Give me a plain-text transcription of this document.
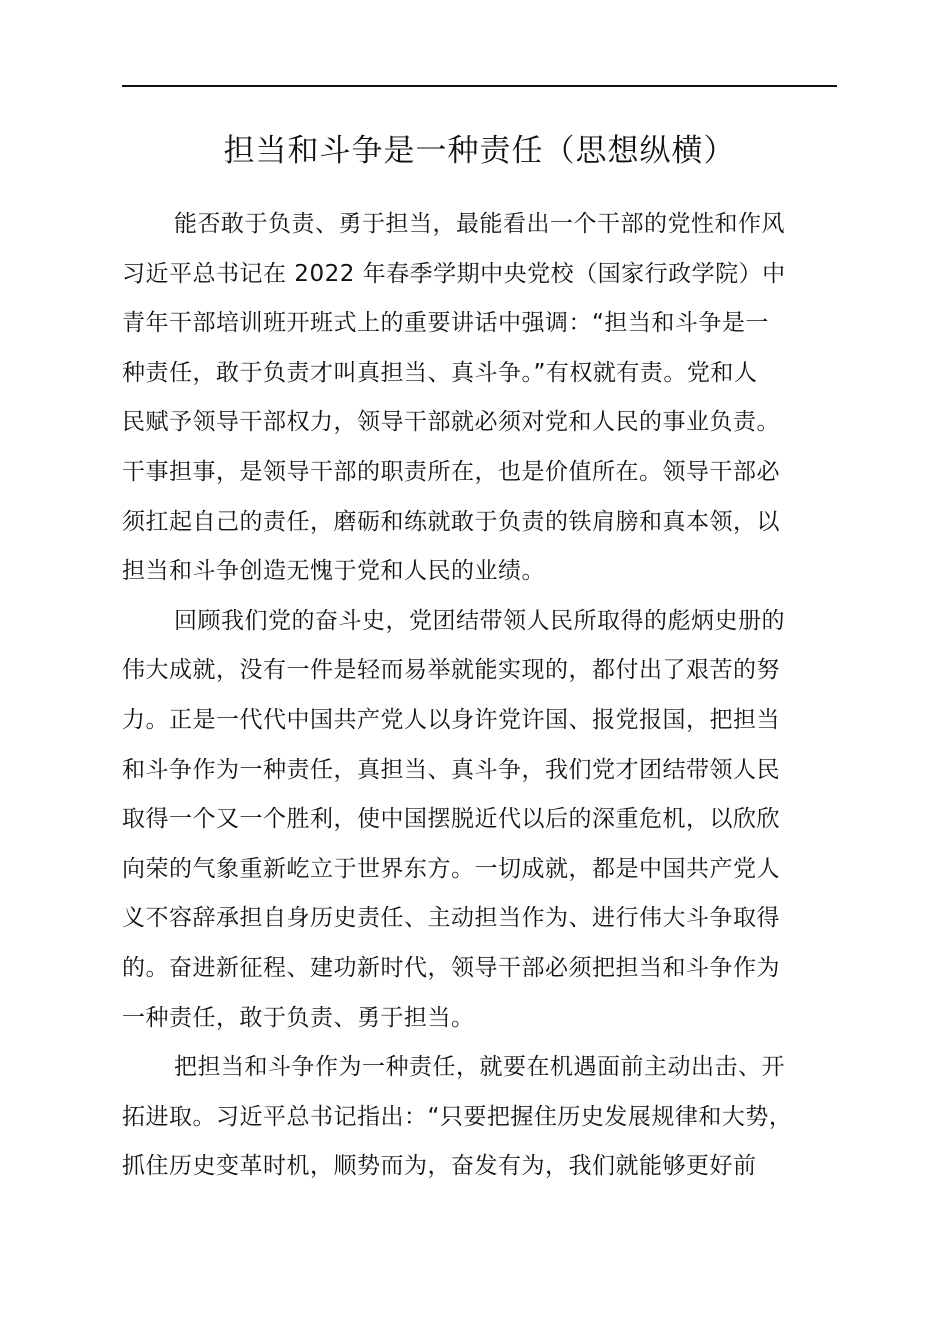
担当和斗争是一种责任（思想纵横）

能否敢于负责、勇于担当，最能看出一个干部的党性和作风
习近平总书记在 2022 年春季学期中央党校（国家行政学院）中
青年干部培训班开班式上的重要讲话中强调：“担当和斗争是一
种责任，敢于负责才叫真担当、真斗争。”有权就有责。党和人
民赋予领导干部权力，领导干部就必须对党和人民的事业负责。
干事担事，是领导干部的职责所在，也是价值所在。领导干部必
须扛起自己的责任，磨砺和练就敢于负责的铁肩膀和真本领，以
担当和斗争创造无愧于党和人民的业绩。

回顾我们党的奋斗史，党团结带领人民所取得的彪炳史册的
伟大成就，没有一件是轻而易举就能实现的，都付出了艰苦的努
力。正是一代代中国共产党人以身许党许国、报党报国，把担当
和斗争作为一种责任，真担当、真斗争，我们党才团结带领人民
取得一个又一个胜利，使中国摆脱近代以后的深重危机，以欣欣
向荣的气象重新屹立于世界东方。一切成就，都是中国共产党人
义不容辞承担自身历史责任、主动担当作为、进行伟大斗争取得
的。奋进新征程、建功新时代，领导干部必须把担当和斗争作为
一种责任，敢于负责、勇于担当。

把担当和斗争作为一种责任，就要在机遇面前主动出击、开
拓进取。习近平总书记指出：“只要把握住历史发展规律和大势，
抓住历史变革时机，顺势而为，奋发有为，我们就能够更好前
